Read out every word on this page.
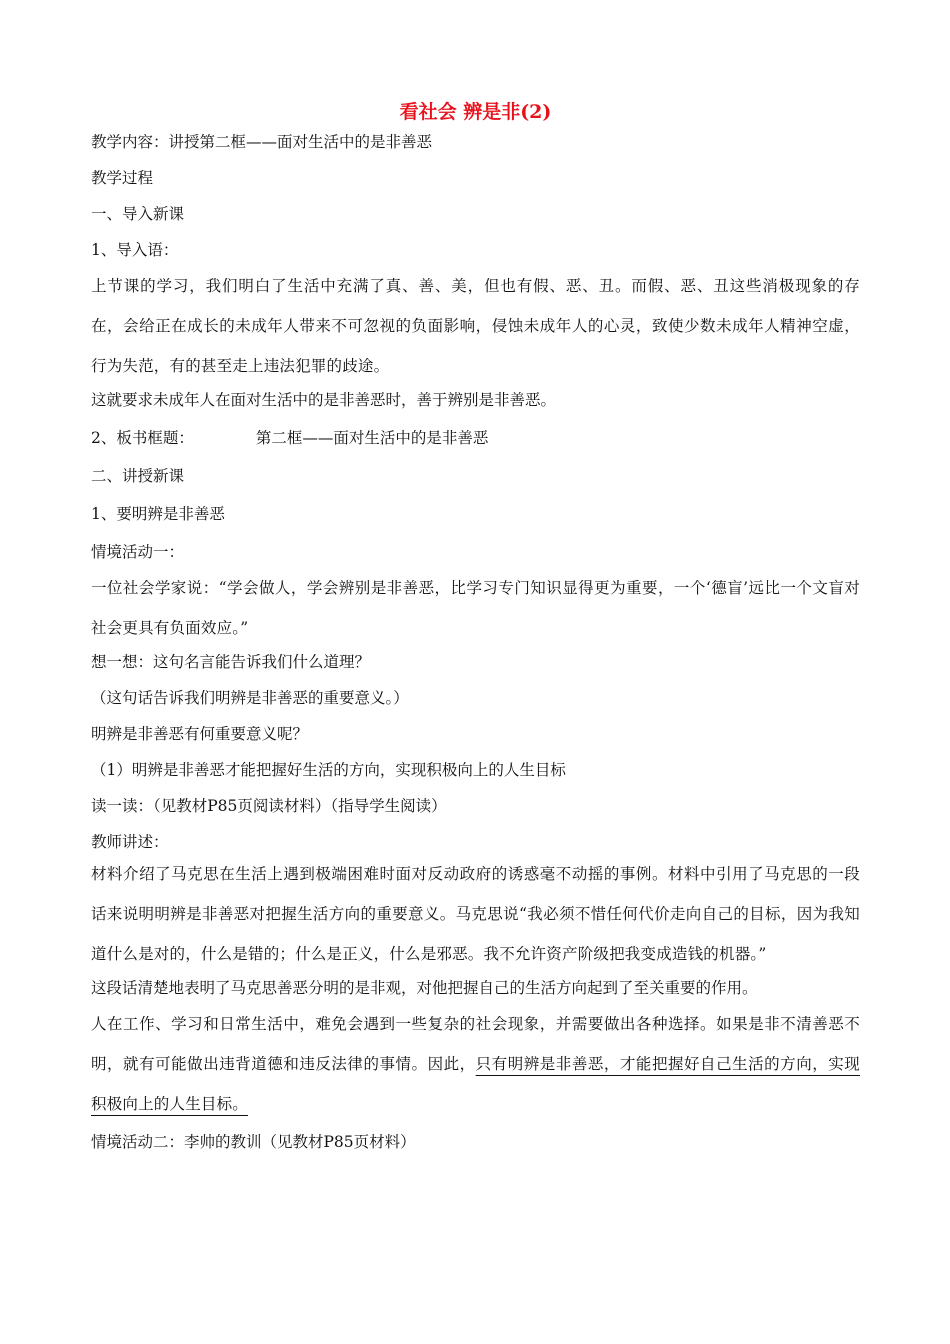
看社会 辨是非(2)

教学内容：讲授第二框——面对生活中的是非善恶

教学过程

一、导入新课

1、导入语：

上节课的学习，我们明白了生活中充满了真、善、美，但也有假、恶、丑。而假、恶、丑这些消极现象的存在，会给正在成长的未成年人带来不可忽视的负面影响，侵蚀未成年人的心灵，致使少数未成年人精神空虚，行为失范，有的甚至走上违法犯罪的歧途。

这就要求未成年人在面对生活中的是非善恶时，善于辨别是非善恶。

2、板书框题：	第二框——面对生活中的是非善恶

二、讲授新课

1、要明辨是非善恶

情境活动一：

一位社会学家说：“学会做人，学会辨别是非善恶，比学习专门知识显得更为重要，一个‘德盲’远比一个文盲对社会更具有负面效应。”

想一想：这句名言能告诉我们什么道理？

（这句话告诉我们明辨是非善恶的重要意义。）

明辨是非善恶有何重要意义呢？

（1）明辨是非善恶才能把握好生活的方向，实现积极向上的人生目标

读一读：（见教材P85页阅读材料）（指导学生阅读）

教师讲述：

材料介绍了马克思在生活上遇到极端困难时面对反动政府的诱惑毫不动摇的事例。材料中引用了马克思的一段话来说明明辨是非善恶对把握生活方向的重要意义。马克思说“我必须不惜任何代价走向自己的目标，因为我知道什么是对的，什么是错的；什么是正义，什么是邪恶。我不允许资产阶级把我变成造钱的机器。”

这段话清楚地表明了马克思善恶分明的是非观，对他把握自己的生活方向起到了至关重要的作用。

人在工作、学习和日常生活中，难免会遇到一些复杂的社会现象，并需要做出各种选择。如果是非不清善恶不明，就有可能做出违背道德和违反法律的事情。因此，只有明辨是非善恶，才能把握好自己生活的方向，实现积极向上的人生目标。

情境活动二：李帅的教训（见教材P85页材料）
